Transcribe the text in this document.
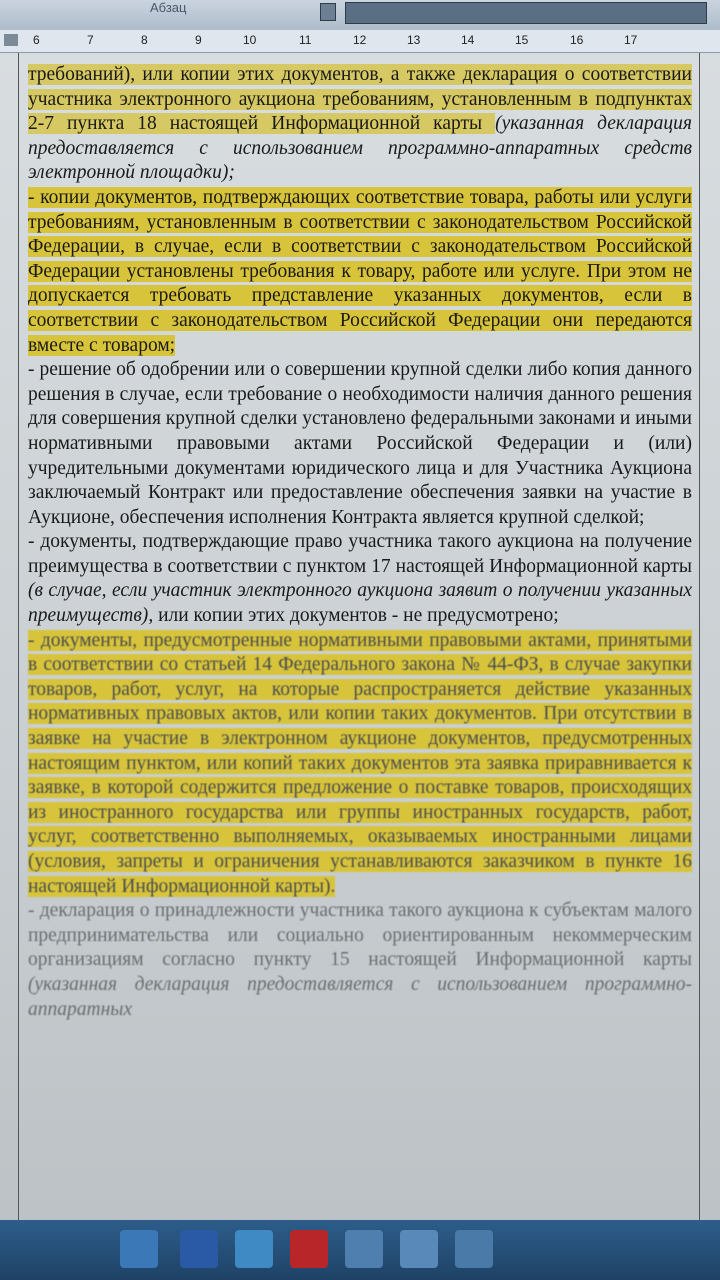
Абзац
6	7	8	9	10	11	12	13	14	15	16	17

требований), или копии этих документов, а также декларация о соответствии участника электронного аукциона требованиям, установленным в подпунктах 2-7 пункта 18 настоящей Информационной карты (указанная декларация предоставляется с использованием программно-аппаратных средств электронной площадки);

- копии документов, подтверждающих соответствие товара, работы или услуги требованиям, установленным в соответствии с законодательством Российской Федерации, в случае, если в соответствии с законодательством Российской Федерации установлены требования к товару, работе или услуге. При этом не допускается требовать представление указанных документов, если в соответствии с законодательством Российской Федерации они передаются вместе с товаром;

- решение об одобрении или о совершении крупной сделки либо копия данного решения в случае, если требование о необходимости наличия данного решения для совершения крупной сделки установлено федеральными законами и иными нормативными правовыми актами Российской Федерации и (или) учредительными документами юридического лица и для Участника Аукциона заключаемый Контракт или предоставление обеспечения заявки на участие в Аукционе, обеспечения исполнения Контракта является крупной сделкой;

- документы, подтверждающие право участника такого аукциона на получение преимущества в соответствии с пунктом 17 настоящей Информационной карты (в случае, если участник электронного аукциона заявит о получении указанных преимуществ), или копии этих документов - не предусмотрено;

- документы, предусмотренные нормативными правовыми актами, принятыми в соответствии со статьей 14 Федерального закона № 44-ФЗ, в случае закупки товаров, работ, услуг, на которые распространяется действие указанных нормативных правовых актов, или копии таких документов. При отсутствии в заявке на участие в электронном аукционе документов, предусмотренных настоящим пунктом, или копий таких документов эта заявка приравнивается к заявке, в которой содержится предложение о поставке товаров, происходящих из иностранного государства или группы иностранных государств, работ, услуг, соответственно выполняемых, оказываемых иностранными лицами (условия, запреты и ограничения устанавливаются заказчиком в пункте 16 настоящей Информационной карты).

- декларация о принадлежности участника такого аукциона к субъектам малого предпринимательства или социально ориентированным некоммерческим организациям согласно пункту 15 настоящей Информационной карты (указанная декларация предоставляется с использованием программно-аппаратных
